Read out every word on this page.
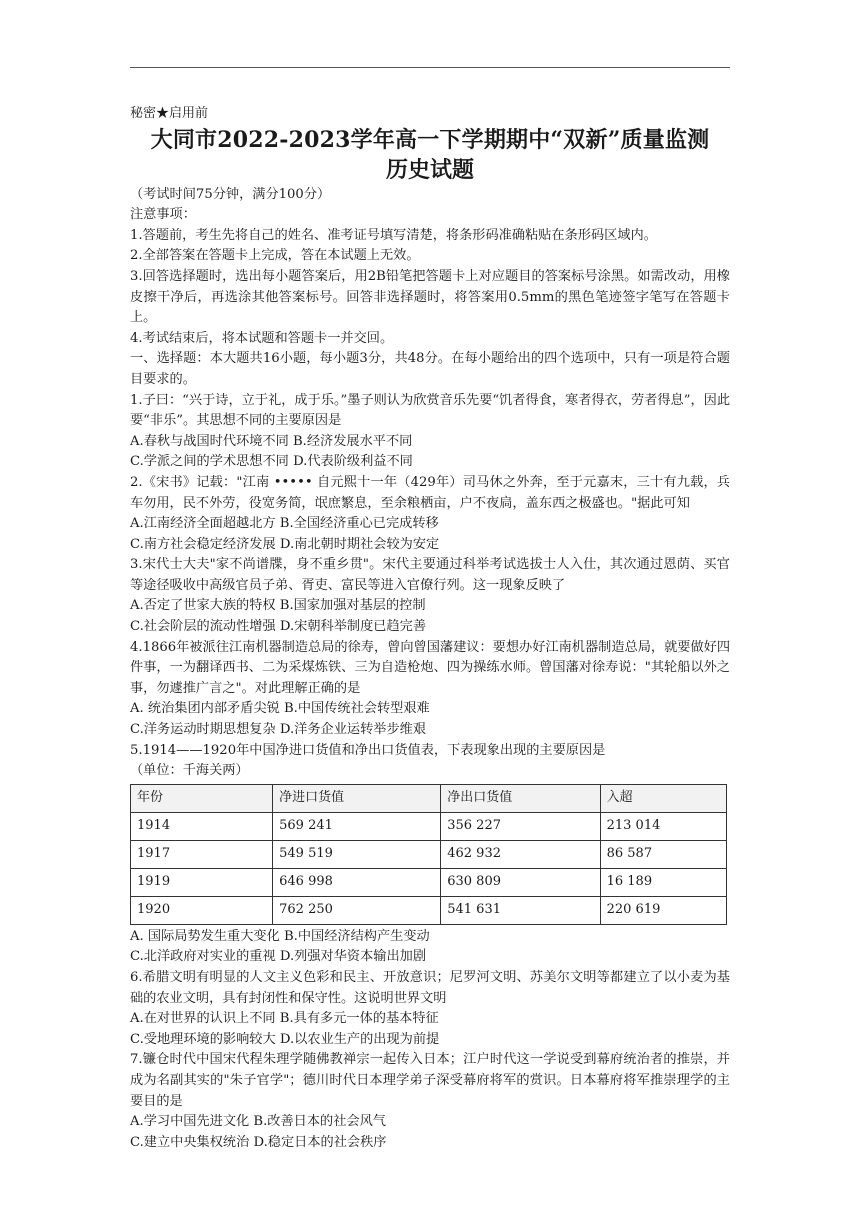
秘密★启用前
大同市2022-2023学年高一下学期期中“双新”质量监测
历史试题
（考试时间75分钟，满分100分）
注意事项：
1.答题前，考生先将自己的姓名、准考证号填写清楚，将条形码准确粘贴在条形码区域内。
2.全部答案在答题卡上完成，答在本试题上无效。
3.回答选择题时，选出每小题答案后，用2B铅笔把答题卡上对应题目的答案标号涂黑。如需改动，用橡皮擦干净后，再选涂其他答案标号。回答非选择题时，将答案用0.5mm的黑色笔迹签字笔写在答题卡上。
4.考试结束后，将本试题和答题卡一并交回。
一、选择题：本大题共16小题，每小题3分，共48分。在每小题给出的四个选项中，只有一项是符合题目要求的。
1.子曰：“兴于诗，立于礼，成于乐。”墨子则认为欣赏音乐先要“饥者得食，寒者得衣，劳者得息”，因此要“非乐”。其思想不同的主要原因是
A.春秋与战国时代环境不同 B.经济发展水平不同
C.学派之间的学术思想不同 D.代表阶级利益不同
2.《宋书》记载："江南 ••••• 自元熙十一年（429年）司马休之外奔，至于元嘉末，三十有九载，兵车勿用，民不外劳，役宽务简，氓庶繁息，至余粮栖亩，户不夜扃，盖东西之极盛也。"据此可知
A.江南经济全面超越北方 B.全国经济重心已完成转移
C.南方社会稳定经济发展 D.南北朝时期社会较为安定
3.宋代士大夫"家不尚谱牒，身不重乡贯"。宋代主要通过科举考试选拔士人入仕，其次通过恩荫、买官等途径吸收中高级官员子弟、胥吏、富民等进入官僚行列。这一现象反映了
A.否定了世家大族的特权 B.国家加强对基层的控制
C.社会阶层的流动性增强 D.宋朝科举制度已趋完善
4.1866年被派往江南机器制造总局的徐寿，曾向曾国藩建议：要想办好江南机器制造总局，就要做好四件事，一为翻译西书、二为采煤炼铁、三为自造枪炮、四为操练水师。曾国藩对徐寿说："其轮船以外之事，勿遽推广言之"。对此理解正确的是
A. 统治集团内部矛盾尖锐 B.中国传统社会转型艰难
C.洋务运动时期思想复杂 D.洋务企业运转举步维艰
5.1914——1920年中国净进口货值和净出口货值表，下表现象出现的主要原因是
（单位：千海关两）
年份	净进口货值	净出口货值	入超
1914	569 241	356 227	213 014
1917	549 519	462 932	86 587
1919	646 998	630 809	16 189
1920	762 250	541 631	220 619
A. 国际局势发生重大变化 B.中国经济结构产生变动
C.北洋政府对实业的重视 D.列强对华资本输出加剧
6.希腊文明有明显的人文主义色彩和民主、开放意识；尼罗河文明、苏美尔文明等都建立了以小麦为基础的农业文明，具有封闭性和保守性。这说明世界文明
A.在对世界的认识上不同 B.具有多元一体的基本特征
C.受地理环境的影响较大 D.以农业生产的出现为前提
7.镰仓时代中国宋代程朱理学随佛教禅宗一起传入日本；江户时代这一学说受到幕府统治者的推崇，并成为名副其实的"朱子官学"；德川时代日本理学弟子深受幕府将军的赏识。日本幕府将军推崇理学的主要目的是
A.学习中国先进文化 B.改善日本的社会风气
C.建立中央集权统治 D.稳定日本的社会秩序
